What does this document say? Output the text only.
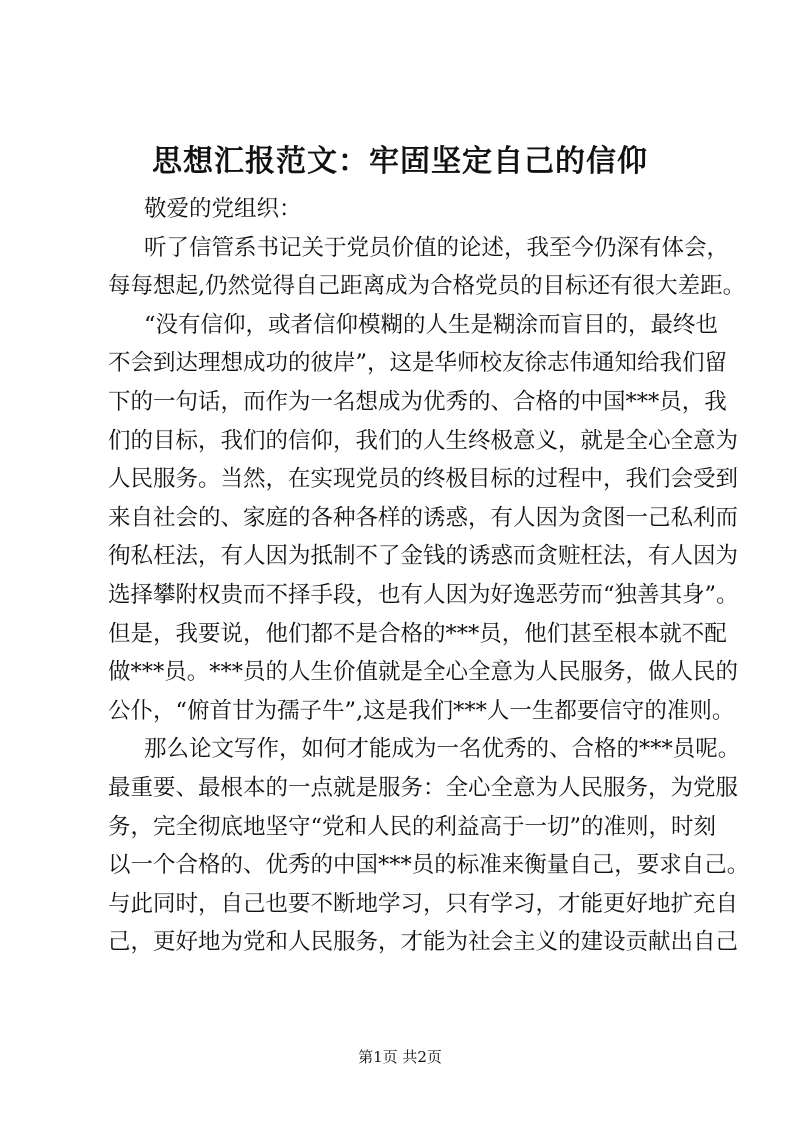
思想汇报范文：牢固坚定自己的信仰

敬爱的党组织：

听了信管系书记关于党员价值的论述，我至今仍深有体会，

每每想起,仍然觉得自己距离成为合格党员的目标还有很大差距。

“没有信仰，或者信仰模糊的人生是糊涂而盲目的，最终也

不会到达理想成功的彼岸”，这是华师校友徐志伟通知给我们留

下的一句话，而作为一名想成为优秀的、合格的中国***员，我

们的目标，我们的信仰，我们的人生终极意义，就是全心全意为

人民服务。当然，在实现党员的终极目标的过程中，我们会受到

来自社会的、家庭的各种各样的诱惑，有人因为贪图一己私利而

徇私枉法，有人因为抵制不了金钱的诱惑而贪赃枉法，有人因为

选择攀附权贵而不择手段，也有人因为好逸恶劳而“独善其身”。

但是，我要说，他们都不是合格的***员，他们甚至根本就不配

做***员。***员的人生价值就是全心全意为人民服务，做人民的

公仆，“俯首甘为孺子牛”,这是我们***人一生都要信守的准则。

那么论文写作，如何才能成为一名优秀的、合格的***员呢。

最重要、最根本的一点就是服务：全心全意为人民服务，为党服

务，完全彻底地坚守“党和人民的利益高于一切”的准则，时刻

以一个合格的、优秀的中国***员的标准来衡量自己，要求自己。

与此同时，自己也要不断地学习，只有学习，才能更好地扩充自

己，更好地为党和人民服务，才能为社会主义的建设贡献出自己

第1页 共2页
